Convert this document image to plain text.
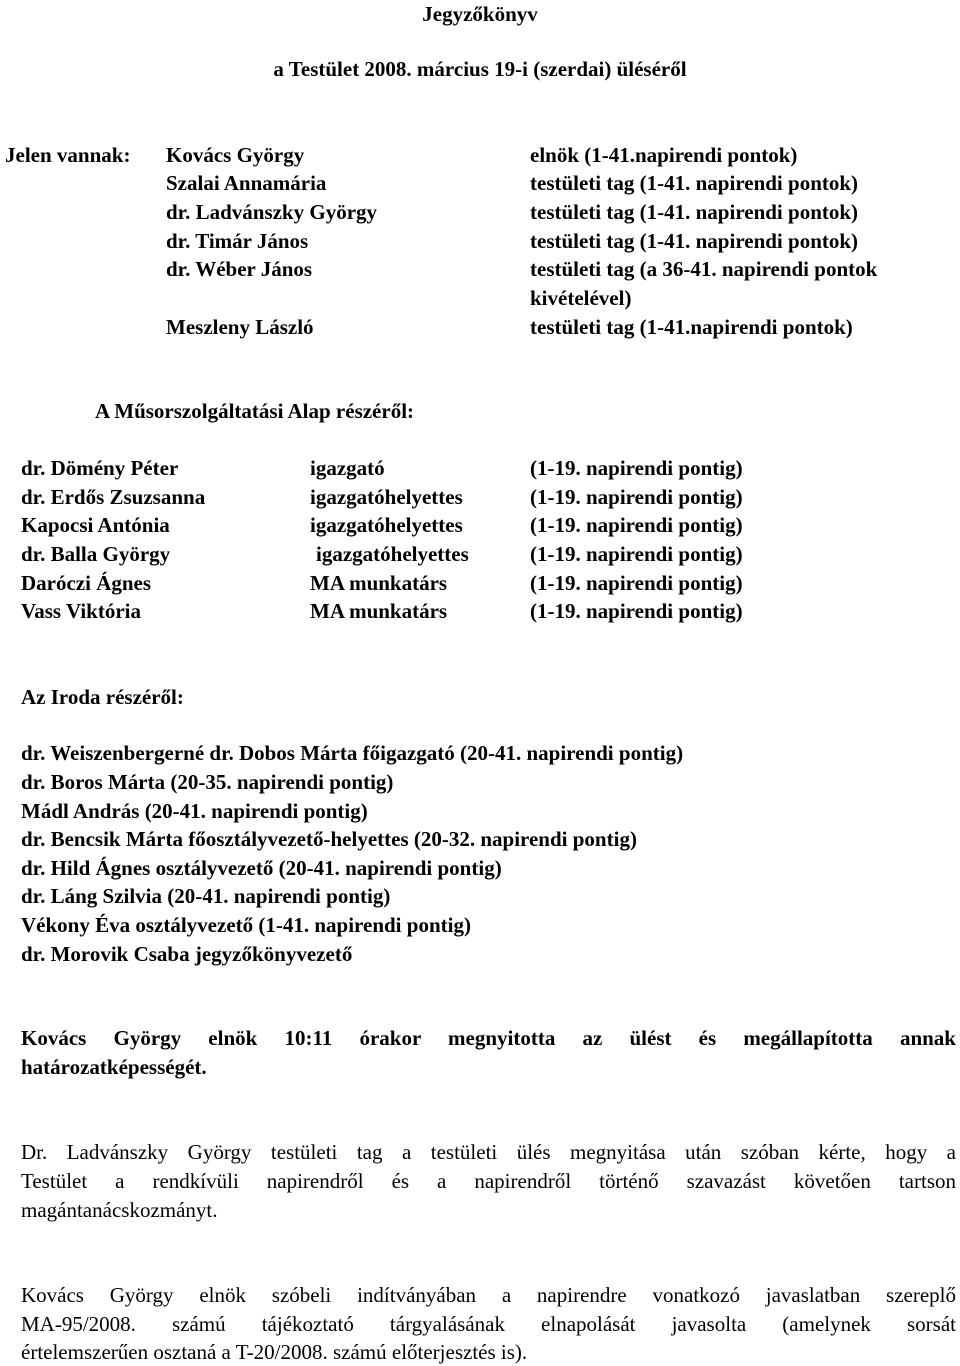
Jegyzőkönyv
a Testület 2008. március 19-i (szerdai) üléséről
Jelen vannak: Kovács György	elnök (1-41.napirendi pontok)
Szalai Annamária	testületi tag (1-41. napirendi pontok)
dr. Ladvánszky György	testületi tag (1-41. napirendi pontok)
dr. Timár János	testületi tag (1-41. napirendi pontok)
dr. Wéber János	testületi tag (a 36-41. napirendi pontok
kivételével)
Meszleny László	testületi tag (1-41.napirendi pontok)
A Műsorszolgáltatási Alap részéről:
dr. Dömény Péter	igazgató	(1-19. napirendi pontig)
dr. Erdős Zsuzsanna	igazgatóhelyettes	(1-19. napirendi pontig)
Kapocsi Antónia	igazgatóhelyettes	(1-19. napirendi pontig)
dr. Balla György	igazgatóhelyettes	(1-19. napirendi pontig)
Daróczi Ágnes	MA munkatárs	(1-19. napirendi pontig)
Vass Viktória	MA munkatárs	(1-19. napirendi pontig)
Az Iroda részéről:
dr. Weiszenbergerné dr. Dobos Márta főigazgató (20-41. napirendi pontig)
dr. Boros Márta (20-35. napirendi pontig)
Mádl András (20-41. napirendi pontig)
dr. Bencsik Márta főosztályvezető-helyettes (20-32. napirendi pontig)
dr. Hild Ágnes osztályvezető (20-41. napirendi pontig)
dr. Láng Szilvia (20-41. napirendi pontig)
Vékony Éva osztályvezető (1-41. napirendi pontig)
dr. Morovik Csaba jegyzőkönyvezető
Kovács György elnök 10:11 órakor megnyitotta az ülést és megállapította annak
határozatképességét.
Dr. Ladvánszky György testületi tag a testületi ülés megnyitása után szóban kérte, hogy a
Testület a rendkívüli napirendről és a napirendről történő szavazást követően tartson
magántanácskozmányt.
Kovács György elnök szóbeli indítványában a napirendre vonatkozó javaslatban szereplő
MA-95/2008. számú tájékoztató tárgyalásának elnapolását javasolta (amelynek sorsát
értelemszerűen osztaná a T-20/2008. számú előterjesztés is).
